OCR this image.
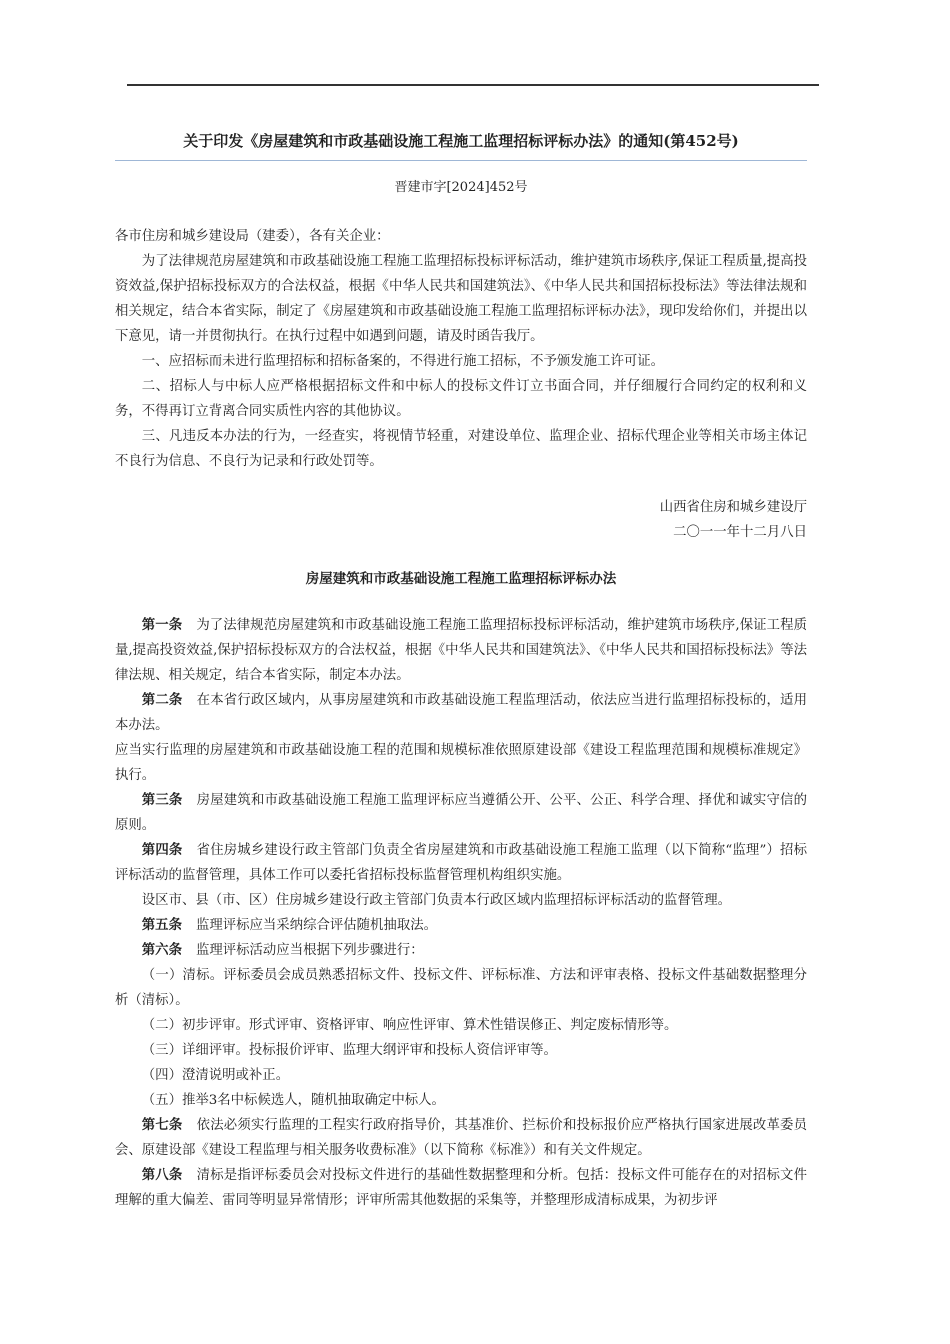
关于印发《房屋建筑和市政基础设施工程施工监理招标评标办法》的通知(第452号)
晋建市字[2024]452号

各市住房和城乡建设局（建委），各有关企业：

为了法律规范房屋建筑和市政基础设施工程施工监理招标投标评标活动，维护建筑市场秩序,保证工程质量,提高投资效益,保护招标投标双方的合法权益，根据《中华人民共和国建筑法》、《中华人民共和国招标投标法》等法律法规和相关规定，结合本省实际，制定了《房屋建筑和市政基础设施工程施工监理招标评标办法》，现印发给你们，并提出以下意见，请一并贯彻执行。在执行过程中如遇到问题，请及时函告我厅。

一、应招标而未进行监理招标和招标备案的，不得进行施工招标，不予颁发施工许可证。

二、招标人与中标人应严格根据招标文件和中标人的投标文件订立书面合同，并仔细履行合同约定的权利和义务，不得再订立背离合同实质性内容的其他协议。

三、凡违反本办法的行为，一经查实，将视情节轻重，对建设单位、监理企业、招标代理企业等相关市场主体记不良行为信息、不良行为记录和行政处罚等。

山西省住房和城乡建设厅

二〇一一年十二月八日

房屋建筑和市政基础设施工程施工监理招标评标办法

第一条 为了法律规范房屋建筑和市政基础设施工程施工监理招标投标评标活动，维护建筑市场秩序,保证工程质量,提高投资效益,保护招标投标双方的合法权益，根据《中华人民共和国建筑法》、《中华人民共和国招标投标法》等法律法规、相关规定，结合本省实际，制定本办法。

第二条 在本省行政区域内，从事房屋建筑和市政基础设施工程监理活动，依法应当进行监理招标投标的，适用本办法。

应当实行监理的房屋建筑和市政基础设施工程的范围和规模标准依照原建设部《建设工程监理范围和规模标准规定》执行。

第三条 房屋建筑和市政基础设施工程施工监理评标应当遵循公开、公平、公正、科学合理、择优和诚实守信的原则。

第四条 省住房城乡建设行政主管部门负责全省房屋建筑和市政基础设施工程施工监理（以下简称“监理”）招标评标活动的监督管理，具体工作可以委托省招标投标监督管理机构组织实施。

设区市、县（市、区）住房城乡建设行政主管部门负责本行政区域内监理招标评标活动的监督管理。

第五条 监理评标应当采纳综合评估随机抽取法。

第六条 监理评标活动应当根据下列步骤进行：

（一）清标。评标委员会成员熟悉招标文件、投标文件、评标标准、方法和评审表格、投标文件基础数据整理分析（清标）。

（二）初步评审。形式评审、资格评审、响应性评审、算术性错误修正、判定废标情形等。

（三）详细评审。投标报价评审、监理大纲评审和投标人资信评审等。

（四）澄清说明或补正。

（五）推举3名中标候选人，随机抽取确定中标人。

第七条 依法必须实行监理的工程实行政府指导价，其基准价、拦标价和投标报价应严格执行国家进展改革委员会、原建设部《建设工程监理与相关服务收费标准》（以下简称《标准》）和有关文件规定。

第八条 清标是指评标委员会对投标文件进行的基础性数据整理和分析。包括：投标文件可能存在的对招标文件理解的重大偏差、雷同等明显异常情形；评审所需其他数据的采集等，并整理形成清标成果，为初步评
